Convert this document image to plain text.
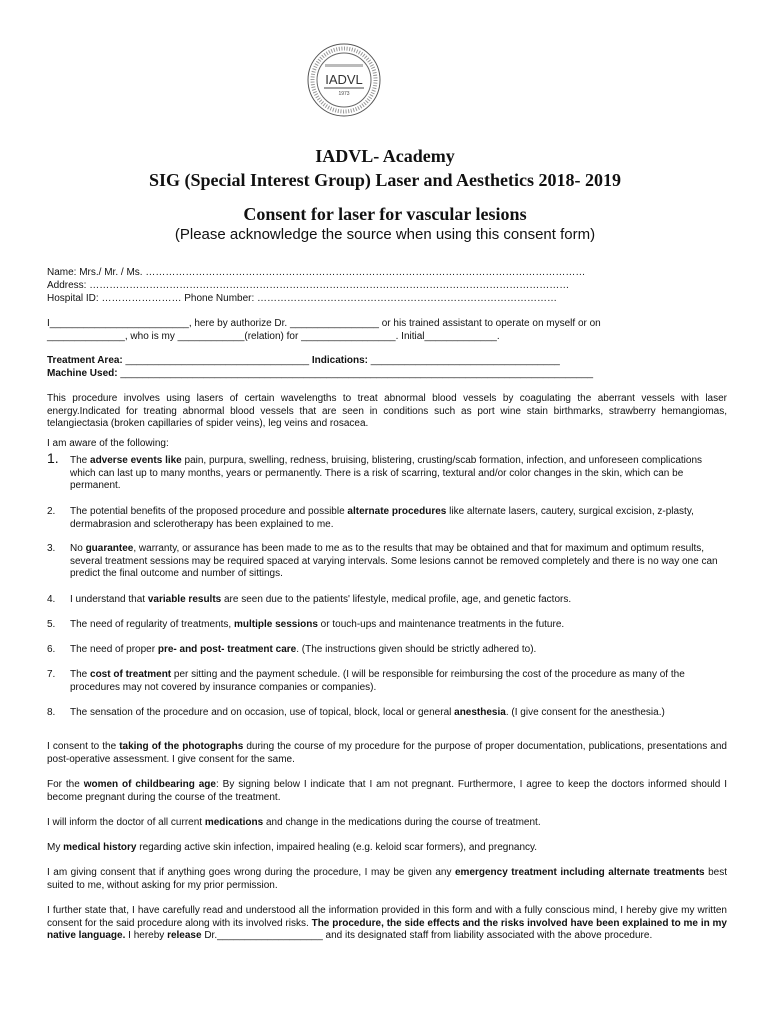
IADVL
1973
IADVL- Academy
SIG (Special Interest Group) Laser and Aesthetics 2018- 2019
Consent for laser for vascular lesions
(Please acknowledge the source when using this consent form)
Name: Mrs./ Mr. / Ms. ……………………………………………………………………………………………………………………
Address: ………………………………………………………………………………………………………………………………
Hospital ID: …………………… Phone Number: ………………………………………………………………………………
I_________________________, here by authorize Dr. ________________ or his trained assistant to operate on myself or on
______________, who is my ____________(relation) for _________________. Initial_____________.
Treatment Area: _________________________________ Indications: __________________________________
Machine Used: _____________________________________________________________________________________
This procedure involves using lasers of certain wavelengths to treat abnormal blood vessels by coagulating the aberrant vessels with laser energy.Indicated for treating abnormal blood vessels that are seen in conditions such as port wine stain birthmarks, strawberry hemangiomas, telangiectasia (broken capillaries of spider veins), leg veins and rosacea.
I am aware of the following:
1. The adverse events like pain, purpura, swelling, redness, bruising, blistering, crusting/scab formation, infection, and unforeseen complications which can last up to many months, years or permanently. There is a risk of scarring, textural and/or color changes in the skin, which can be permanent.
2. The potential benefits of the proposed procedure and possible alternate procedures like alternate lasers, cautery, surgical excision, z-plasty, dermabrasion and sclerotherapy has been explained to me.
3. No guarantee, warranty, or assurance has been made to me as to the results that may be obtained and that for maximum and optimum results, several treatment sessions may be required spaced at varying intervals. Some lesions cannot be removed completely and there is no way one can predict the final outcome and number of sittings.
4. I understand that variable results are seen due to the patients' lifestyle, medical profile, age, and genetic factors.
5. The need of regularity of treatments, multiple sessions or touch-ups and maintenance treatments in the future.
6. The need of proper pre- and post- treatment care. (The instructions given should be strictly adhered to).
7. The cost of treatment per sitting and the payment schedule. (I will be responsible for reimbursing the cost of the procedure as many of the procedures may not covered by insurance companies or companies).
8. The sensation of the procedure and on occasion, use of topical, block, local or general anesthesia. (I give consent for the anesthesia.)
I consent to the taking of the photographs during the course of my procedure for the purpose of proper documentation, publications, presentations and post-operative assessment. I give consent for the same.
For the women of childbearing age: By signing below I indicate that I am not pregnant. Furthermore, I agree to keep the doctors informed should I become pregnant during the course of the treatment.
I will inform the doctor of all current medications and change in the medications during the course of treatment.
My medical history regarding active skin infection, impaired healing (e.g. keloid scar formers), and pregnancy.
I am giving consent that if anything goes wrong during the procedure, I may be given any emergency treatment including alternate treatments best suited to me, without asking for my prior permission.
I further state that, I have carefully read and understood all the information provided in this form and with a fully conscious mind, I hereby give my written consent for the said procedure along with its involved risks. The procedure, the side effects and the risks involved have been explained to me in my native language. I hereby release Dr.___________________ and its designated staff from liability associated with the above procedure.
